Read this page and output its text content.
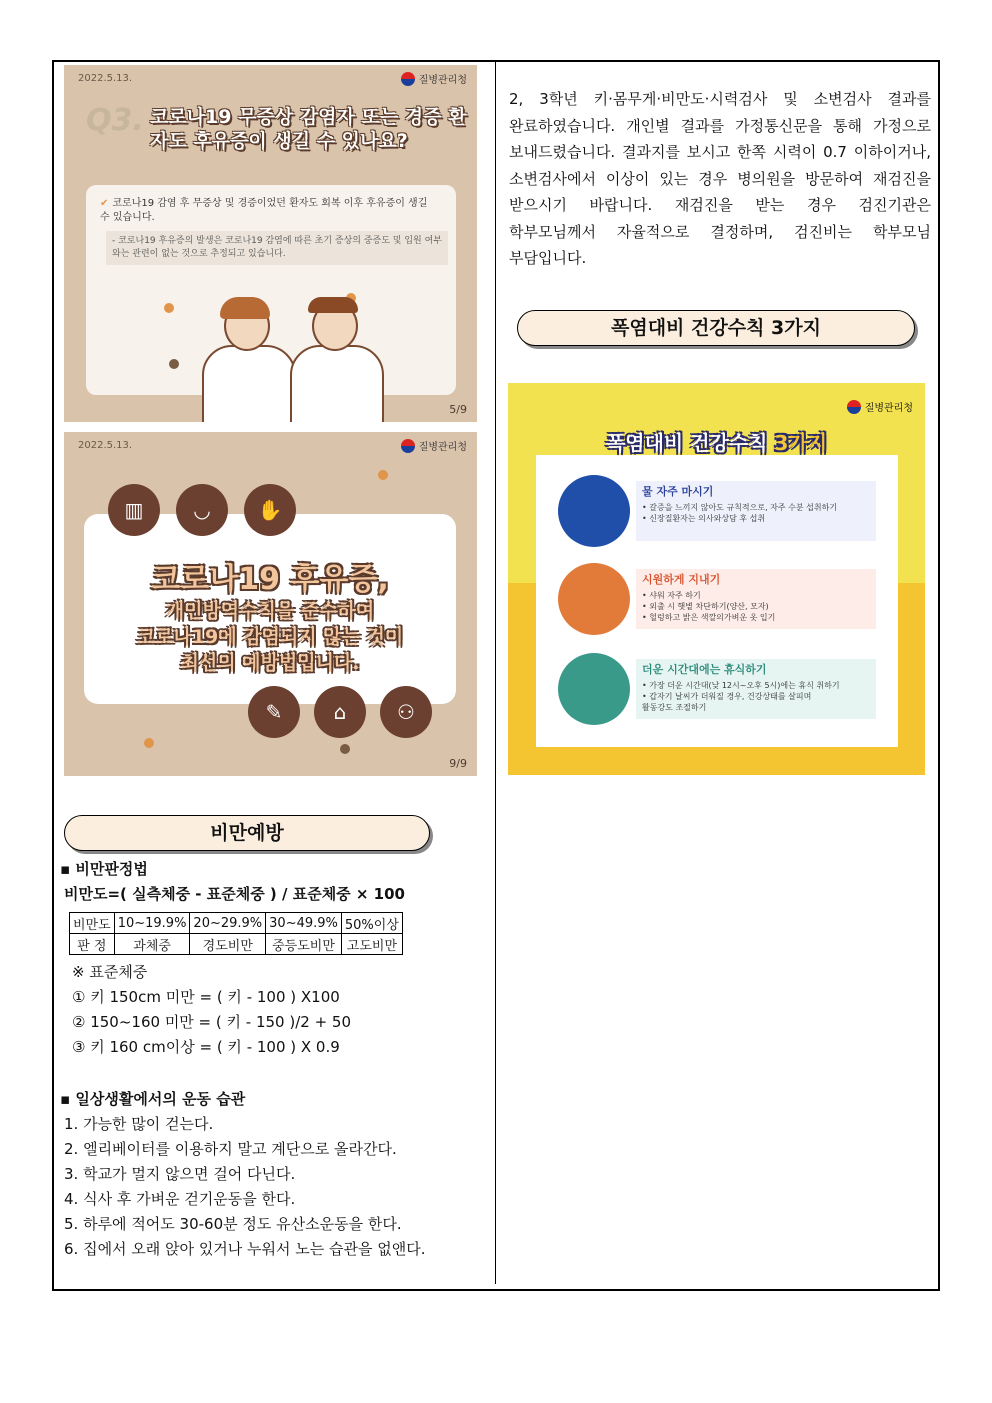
2022.5.13.	질병관리청
Q3. 코로나19 무증상 감염자 또는 경증 환자도 후유증이 생길 수 있나요?
✔ 코로나19 감염 후 무증상 및 경증이었던 환자도 회복 이후 후유증이 생길 수 있습니다.
- 코로나19 후유증의 발생은 코로나19 감염에 따른 초기 증상의 중증도 및 입원 여부와는 관련이 없는 것으로 추정되고 있습니다.
5/9
2022.5.13.	질병관리청
▥	◡	✋
코로나19 후유증,
개인방역수칙을 준수하여
코로나19에 감염되지 않는 것이
최선의 예방법입니다.
✎	⌂	⚇
9/9
비만예방
▪ 비만판정법
비만도=( 실측체중 - 표준체중 ) / 표준체중 × 100
비만도	10~19.9%	20~29.9%	30~49.9%	50%이상
판 정	과체중	경도비만	중등도비만	고도비만
※ 표준체중
① 키 150cm 미만 = ( 키 - 100 ) X100
② 150~160 미만 = ( 키 - 150 )/2 + 50
③ 키 160 cm이상 = ( 키 - 100 ) X 0.9
▪ 일상생활에서의 운동 습관
1. 가능한 많이 걷는다.
2. 엘리베이터를 이용하지 말고 계단으로 올라간다.
3. 학교가 멀지 않으면 걸어 다닌다.
4. 식사 후 가벼운 걷기운동을 한다.
5. 하루에 적어도 30-60분 정도 유산소운동을 한다.
6. 집에서 오래 앉아 있거나 누워서 노는 습관을 없앤다.
2, 3학년 키·몸무게·비만도·시력검사 및 소변검사 결과를 완료하였습니다. 개인별 결과를 가정통신문을 통해 가정으로 보내드렸습니다. 결과지를 보시고 한쪽 시력이 0.7 이하이거나, 소변검사에서 이상이 있는 경우 병의원을 방문하여 재검진을 받으시기 바랍니다. 재검진을 받는 경우 검진기관은 학부모님께서 자율적으로 결정하며, 검진비는 학부모님 부담입니다.
폭염대비 건강수칙 3가지
질병관리청
폭염대비 건강수칙 3가지
물 자주 마시기
• 갈증을 느끼지 않아도 규칙적으로, 자주 수분 섭취하기
• 신장질환자는 의사와상담 후 섭취
시원하게 지내기
• 샤워 자주 하기
• 외출 시 햇볕 차단하기(양산, 모자)
• 헐렁하고 밝은 색깔의가벼운 옷 입기
더운 시간대에는 휴식하기
• 가장 더운 시간대(낮 12시~오후 5시)에는 휴식 취하기
• 갑자기 날씨가 더워질 경우, 건강상태를 살피며
활동강도 조절하기
